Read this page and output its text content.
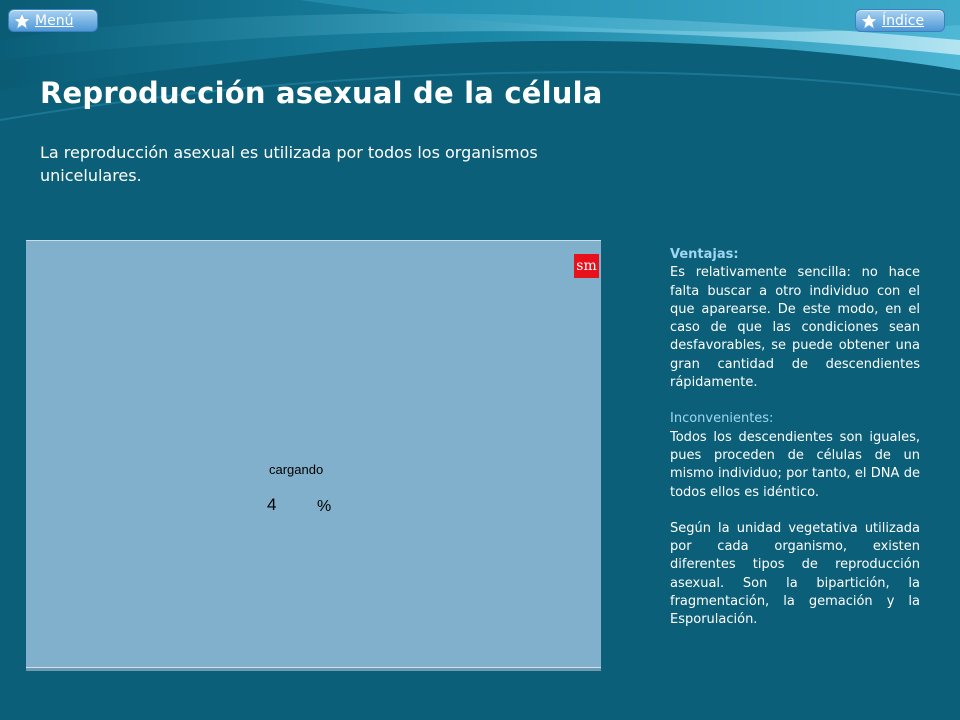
Menú	Índice
Reproducción asexual de la célula

La reproducción asexual es utilizada por todos los organismos unicelulares.

sm
cargando
4	%

Ventajas:

Es relativamente sencilla: no hace falta buscar a otro individuo con el que aparearse. De este modo, en el caso de que las condiciones sean desfavorables, se puede obtener una gran cantidad de descendientes rápidamente.

Inconvenientes:

Todos los descendientes son iguales, pues proceden de células de un mismo individuo; por tanto, el DNA de todos ellos es idéntico.

Según la unidad vegetativa utilizada por cada organismo, existen diferentes tipos de reproducción asexual. Son la bipartición, la fragmentación, la gemación y la Esporulación.
